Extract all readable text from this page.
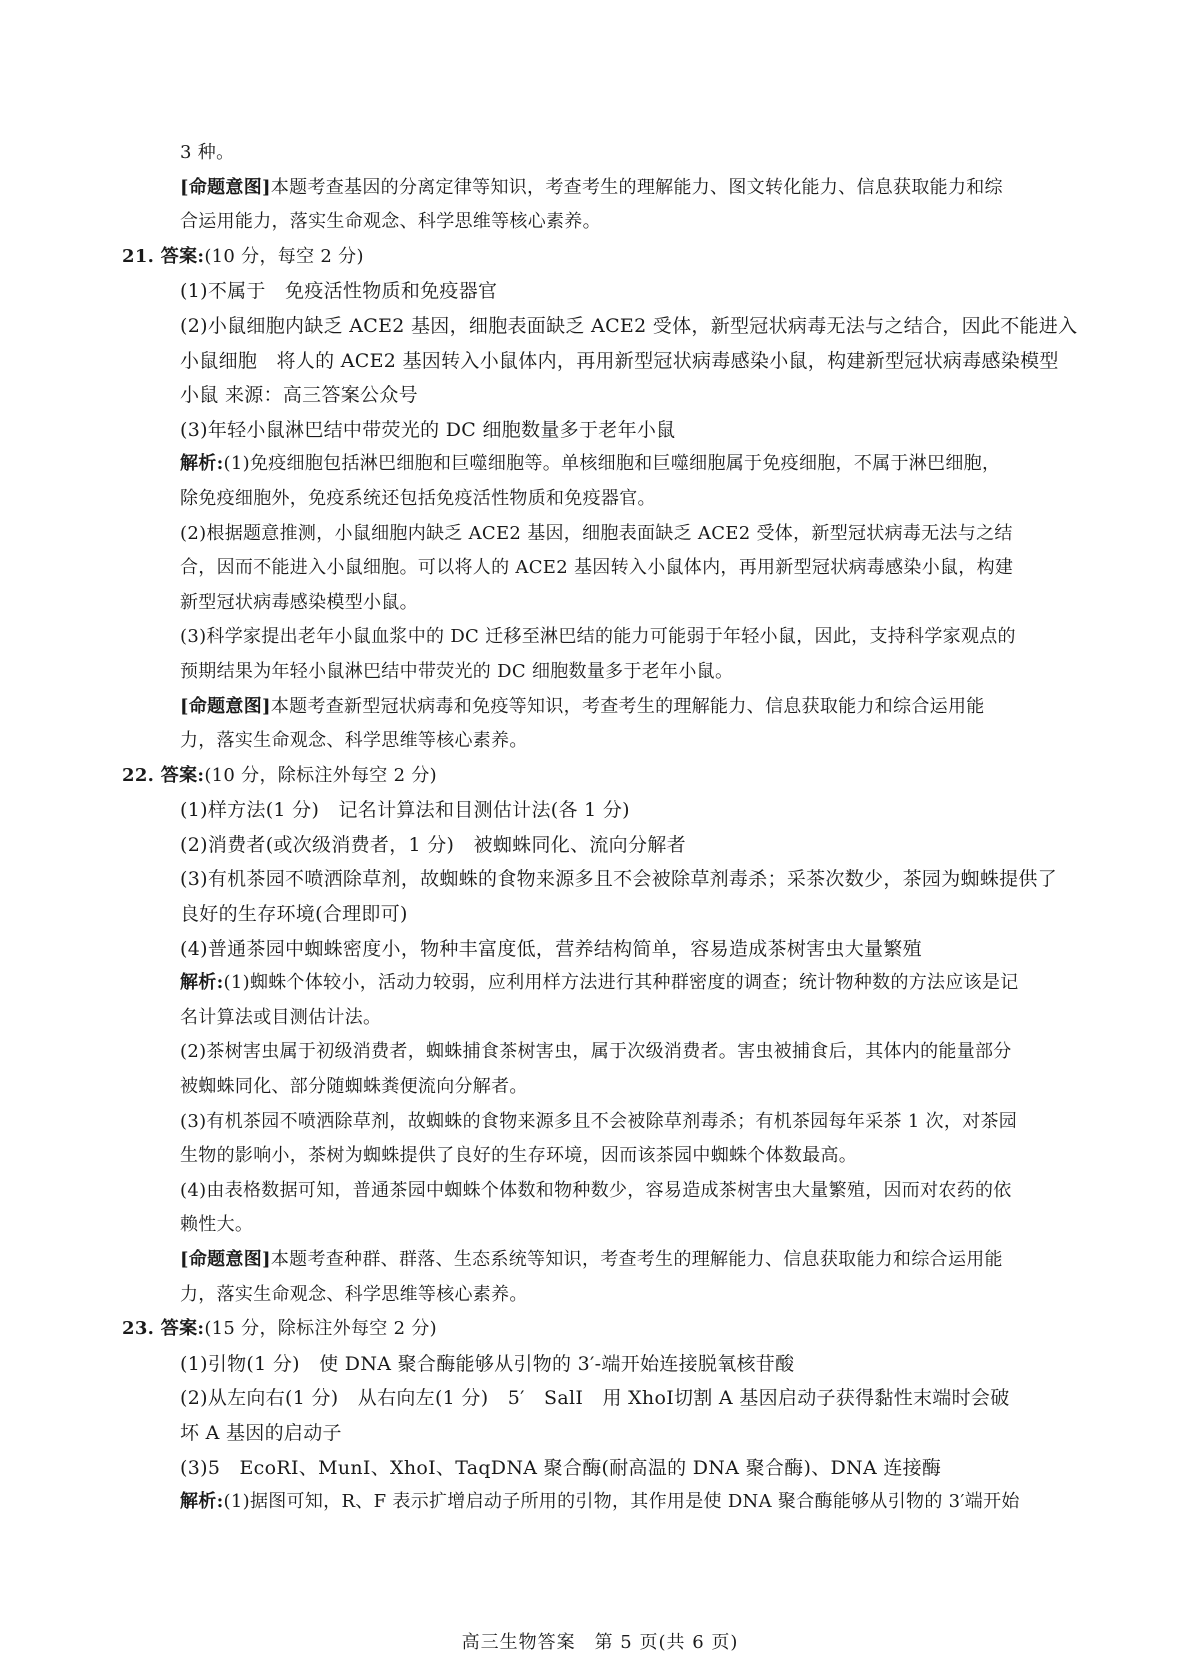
3 种。
[命题意图]本题考查基因的分离定律等知识，考查考生的理解能力、图文转化能力、信息获取能力和综
合运用能力，落实生命观念、科学思维等核心素养。
21. 答案:(10 分，每空 2 分)
(1)不属于　免疫活性物质和免疫器官
(2)小鼠细胞内缺乏 ACE2 基因，细胞表面缺乏 ACE2 受体，新型冠状病毒无法与之结合，因此不能进入
小鼠细胞　将人的 ACE2 基因转入小鼠体内，再用新型冠状病毒感染小鼠，构建新型冠状病毒感染模型
小鼠 来源：高三答案公众号
(3)年轻小鼠淋巴结中带荧光的 DC 细胞数量多于老年小鼠
解析:(1)免疫细胞包括淋巴细胞和巨噬细胞等。单核细胞和巨噬细胞属于免疫细胞，不属于淋巴细胞，
除免疫细胞外，免疫系统还包括免疫活性物质和免疫器官。
(2)根据题意推测，小鼠细胞内缺乏 ACE2 基因，细胞表面缺乏 ACE2 受体，新型冠状病毒无法与之结
合，因而不能进入小鼠细胞。可以将人的 ACE2 基因转入小鼠体内，再用新型冠状病毒感染小鼠，构建
新型冠状病毒感染模型小鼠。
(3)科学家提出老年小鼠血浆中的 DC 迁移至淋巴结的能力可能弱于年轻小鼠，因此，支持科学家观点的
预期结果为年轻小鼠淋巴结中带荧光的 DC 细胞数量多于老年小鼠。
[命题意图]本题考查新型冠状病毒和免疫等知识，考查考生的理解能力、信息获取能力和综合运用能
力，落实生命观念、科学思维等核心素养。
22. 答案:(10 分，除标注外每空 2 分)
(1)样方法(1 分)　记名计算法和目测估计法(各 1 分)
(2)消费者(或次级消费者，1 分)　被蜘蛛同化、流向分解者
(3)有机茶园不喷洒除草剂，故蜘蛛的食物来源多且不会被除草剂毒杀；采茶次数少，茶园为蜘蛛提供了
良好的生存环境(合理即可)
(4)普通茶园中蜘蛛密度小，物种丰富度低，营养结构简单，容易造成茶树害虫大量繁殖
解析:(1)蜘蛛个体较小，活动力较弱，应利用样方法进行其种群密度的调查；统计物种数的方法应该是记
名计算法或目测估计法。
(2)茶树害虫属于初级消费者，蜘蛛捕食茶树害虫，属于次级消费者。害虫被捕食后，其体内的能量部分
被蜘蛛同化、部分随蜘蛛粪便流向分解者。
(3)有机茶园不喷洒除草剂，故蜘蛛的食物来源多且不会被除草剂毒杀；有机茶园每年采茶 1 次，对茶园
生物的影响小，茶树为蜘蛛提供了良好的生存环境，因而该茶园中蜘蛛个体数最高。
(4)由表格数据可知，普通茶园中蜘蛛个体数和物种数少，容易造成茶树害虫大量繁殖，因而对农药的依
赖性大。
[命题意图]本题考查种群、群落、生态系统等知识，考查考生的理解能力、信息获取能力和综合运用能
力，落实生命观念、科学思维等核心素养。
23. 答案:(15 分，除标注外每空 2 分)
(1)引物(1 分)　使 DNA 聚合酶能够从引物的 3′-端开始连接脱氧核苷酸
(2)从左向右(1 分)　从右向左(1 分)　5′　SalⅠ　用 XhoⅠ切割 A 基因启动子获得黏性末端时会破
坏 A 基因的启动子
(3)5　EcoRⅠ、MunⅠ、XhoⅠ、TaqDNA 聚合酶(耐高温的 DNA 聚合酶)、DNA 连接酶
解析:(1)据图可知，R、F 表示扩增启动子所用的引物，其作用是使 DNA 聚合酶能够从引物的 3′端开始
高三生物答案　第 5 页(共 6 页)
